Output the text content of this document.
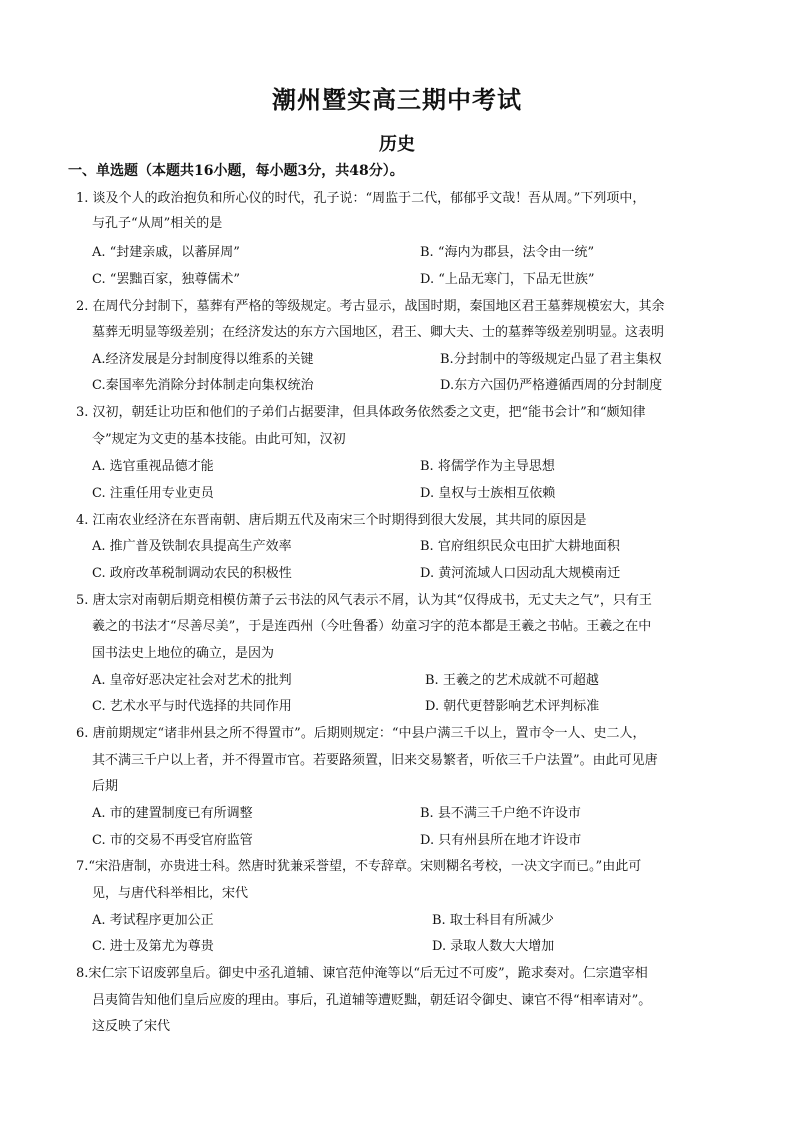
潮州暨实高三期中考试
历史
一、单选题（本题共16小题，每小题3分，共48分）。
1. 谈及个人的政治抱负和所心仪的时代，孔子说：“周监于二代，郁郁乎文哉！吾从周。”下列项中，
与孔子“从周”相关的是
A. “封建亲戚，以蕃屏周”	B. “海内为郡县，法令由一统”
C. “罢黜百家，独尊儒术”	D. “上品无寒门，下品无世族”
2. 在周代分封制下，墓葬有严格的等级规定。考古显示，战国时期，秦国地区君王墓葬规模宏大，其余
墓葬无明显等级差别；在经济发达的东方六国地区，君王、卿大夫、士的墓葬等级差别明显。这表明
A.经济发展是分封制度得以维系的关键	B.分封制中的等级规定凸显了君主集权
C.秦国率先消除分封体制走向集权统治	D.东方六国仍严格遵循西周的分封制度
3. 汉初，朝廷让功臣和他们的子弟们占据要津，但具体政务依然委之文吏，把“能书会计”和“颇知律
令”规定为文吏的基本技能。由此可知，汉初
A. 选官重视品德才能	B. 将儒学作为主导思想
C. 注重任用专业吏员	D. 皇权与士族相互依赖
4. 江南农业经济在东晋南朝、唐后期五代及南宋三个时期得到很大发展，其共同的原因是
A. 推广普及铁制农具提高生产效率	B. 官府组织民众屯田扩大耕地面积
C. 政府改革税制调动农民的积极性	D. 黄河流域人口因动乱大规模南迁
5. 唐太宗对南朝后期竞相模仿萧子云书法的风气表示不屑，认为其“仅得成书，无丈夫之气”，只有王
羲之的书法才“尽善尽美”，于是连西州（今吐鲁番）幼童习字的范本都是王羲之书帖。王羲之在中
国书法史上地位的确立，是因为
A. 皇帝好恶决定社会对艺术的批判	B. 王羲之的艺术成就不可超越
C. 艺术水平与时代选择的共同作用	D. 朝代更替影响艺术评判标准
6. 唐前期规定“诸非州县之所不得置市”。后期则规定：“中县户满三千以上，置市令一人、史二人，
其不满三千户以上者，并不得置市官。若要路须置，旧来交易繁者，听依三千户法置”。由此可见唐
后期
A. 市的建置制度已有所调整	B. 县不满三千户绝不许设市
C. 市的交易不再受官府监管	D. 只有州县所在地才许设市
7.“宋沿唐制，亦贵进士科。然唐时犹兼采誉望，不专辞章。宋则糊名考校，一决文字而已。”由此可
见，与唐代科举相比，宋代
A. 考试程序更加公正	B. 取士科目有所减少
C. 进士及第尤为尊贵	D. 录取人数大大增加
8.宋仁宗下诏废郭皇后。御史中丞孔道辅、谏官范仲淹等以“后无过不可废”，跪求奏对。仁宗遣宰相
吕夷简告知他们皇后应废的理由。事后，孔道辅等遭贬黜，朝廷诏令御史、谏官不得“相率请对”。
这反映了宋代
